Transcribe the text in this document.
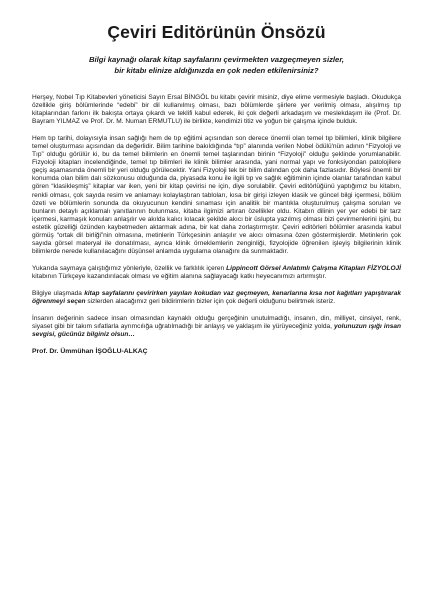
Çeviri Editörünün Önsözü
Bilgi kaynağı olarak kitap sayfalarını çevirmekten vazgeçmeyen sizler,
bir kitabı elinize aldığınızda en çok neden etkilenirsiniz?

Herşey, Nobel Tıp Kitabevleri yöneticisi Sayın Ersal BİNGÖL bu kitabı çevirir misiniz, diye elime vermesiyle başladı. Okudukça özellikle giriş bölümlerinde “edebi” bir dil kullanılmış olması, bazı bölümlerde şiirlere yer verilmiş olması, alışılmış tıp kitaplarından farkını ilk bakışta ortaya çıkardı ve teklifi kabul ederek, iki çok değerli arkadaşım ve meslekdaşım ile (Prof. Dr. Bayram YILMAZ ve Prof. Dr. M. Numan ERMUTLU) ile birlikte, kendimizi titiz ve yoğun bir çalışma içinde bulduk.

Hem tıp tarihi, dolayısıyla insan sağlığı hem de tıp eğitimi açısından son derece önemli olan temel tıp bilimleri, klinik bilgilere temel oluşturması açısından da değerlidir. Bilim tarihine bakıldığında “tıp” alanında verilen Nobel ödülü'nün adının “Fizyoloji ve Tıp” olduğu görülür ki, bu da temel bilimlerin en önemli temel taşlarından birinin “Fizyoloji” olduğu şeklinde yorumlanabilir. Fizyoloji kitapları incelendiğinde, temel tıp bilimleri ile klinik bilimler arasında, yani normal yapı ve fonksiyondan patolojilere geçiş aşamasında önemli bir yeri olduğu görülecektir. Yani Fizyoloji tek bir bilim dalından çok daha fazlasıdır. Böylesi önemli bir konumda olan bilim dalı sözkonusu olduğunda da, piyasada konu ile ilgili tıp ve sağlık eğitiminin içinde olanlar tarafından kabul gören “klasikleşmiş” kitaplar var iken, yeni bir kitap çevirisi ne için, diye sorulabilir. Çeviri editörlüğünü yaptığımız bu kitabın, renkli olması, çok sayıda resim ve anlamayı kolaylaştıran tabloları, kısa bir girişi izleyen klasik ve güncel bilgi içermesi, bölüm özeti ve bölümlerin sonunda da okuyucunun kendini sınaması için analitik bir mantıkla oluşturulmuş çalışma soruları ve bunların detaylı açıklamalı yanıtlarının bulunması, kitaba ilgimizi artıran özellikler oldu. Kitabın dilinin yer yer edebi bir tarz içermesi, karmaşık konuları anlaşılır ve akılda kalıcı kılacak şekilde akıcı bir üslupta yazılmış olması bizi çevirmenlerini işini, bu estetik güzelliği özünden kaybetmeden aktarmak adına, bir kat daha zorlaştırmıştır. Çeviri editörleri bölümler arasında kabul görmüş “ortak dil birliği”nin olmasına, metinlerin Türkçesinin anlaşılır ve akıcı olmasına özen göstermişlerdir. Metinlerin çok sayıda görsel materyal ile donatılması, ayrıca klinik örneklemlerin zenginliği, fizyolojide öğrenilen işleyiş bilgilerinin klinik bilimlerde nerede kullanılacağını düşünsel anlamda uygulama olanağını da sunmaktadır.

Yukarıda saymaya çalıştığımız yönleriyle, özellik ve farklılık içeren Lippincott Görsel Anlatımlı Çalışma Kitapları FİZYOLOJİ kitabının Türkçeye kazandırılacak olması ve eğitim alanına sağlayacağı katkı heyecanımızı artırmıştır.

Bilgiye ulaşmada kitap sayfalarını çevirirken yayılan kokudan vaz geçmeyen, kenarlarına kısa not kağıtları yapıştırarak öğrenmeyi seçen sizlerden alacağımız geri bildirimlerin bizler için çok değerli olduğunu belirtmek isteriz.

İnsanın değerinin sadece insan olmasından kaynaklı olduğu gerçeğinin unutulmadığı, insanın, din, milliyet, cinsiyet, renk, siyaset gibi bir takım sıfatlarla ayrımcılığa uğratılmadığı bir anlayış ve yaklaşım ile yürüyeceğiniz yolda, yolunuzun ışığı insan sevgisi, gücünüz bilginiz olsun…

Prof. Dr. Ümmühan İŞOĞLU-ALKAÇ
